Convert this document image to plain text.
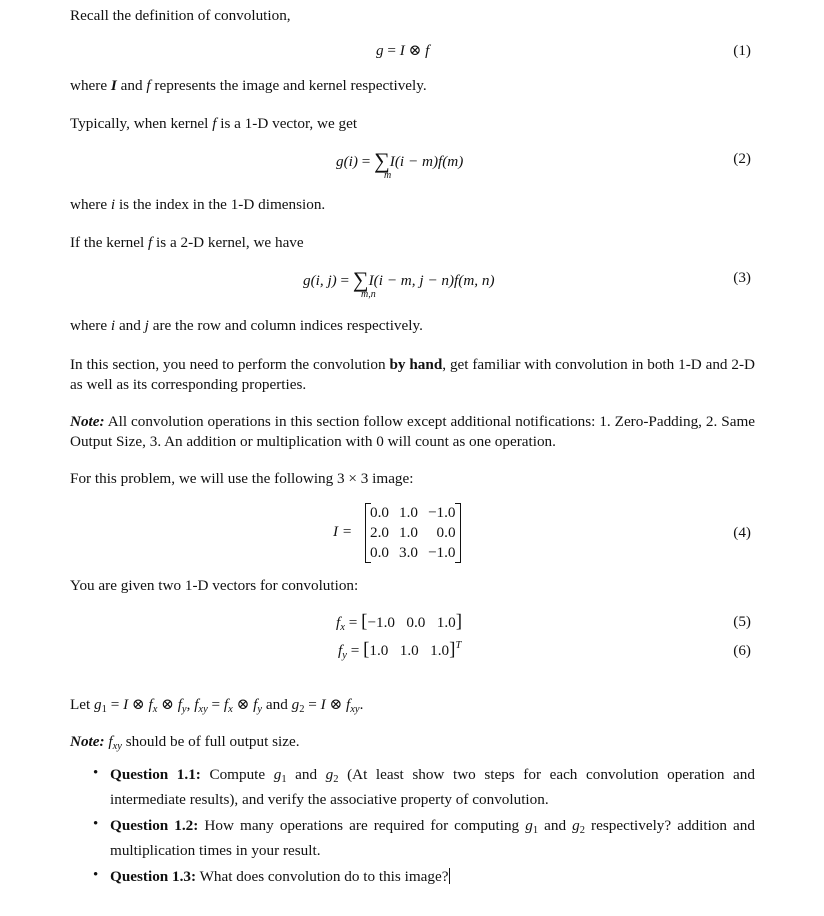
Recall the definition of convolution,
g = I ⊗ f	(1)
where I and f represents the image and kernel respectively.
Typically, when kernel f is a 1-D vector, we get
g(i) = ∑I(i − m)f(m)
m
(2)
where i is the index in the 1-D dimension.
If the kernel f is a 2-D kernel, we have
g(i, j) = ∑I(i − m, j − n)f(m, n)
m,n
(3)
where i and j are the row and column indices respectively.
In this section, you need to perform the convolution by hand, get familiar with convolution in both 1-D and 2-D as well as its corresponding properties.
Note: All convolution operations in this section follow except additional notifications: 1. Zero-Padding, 2. Same Output Size, 3. An addition or multiplication with 0 will count as one operation.
For this problem, we will use the following 3 × 3 image:
I =
0.0	1.0	−1.0
2.0	1.0	0.0
0.0	3.0	−1.0
(4)
You are given two 1-D vectors for convolution:
fx = [−1.0 0.0 1.0]	(5)
fy = [1.0 1.0 1.0]$^T$	(6)
Let g1 = I ⊗ fx ⊗ fy, fxy = fx ⊗ fy and g2 = I ⊗ fxy.
Note: fxy should be of full output size.
• Question 1.1: Compute g1 and g2 (At least show two steps for each convolution operation and intermediate results), and verify the associative property of convolution.
• Question 1.2: How many operations are required for computing g1 and g2 respectively? addition and multiplication times in your result.
• Question 1.3: What does convolution do to this image?
